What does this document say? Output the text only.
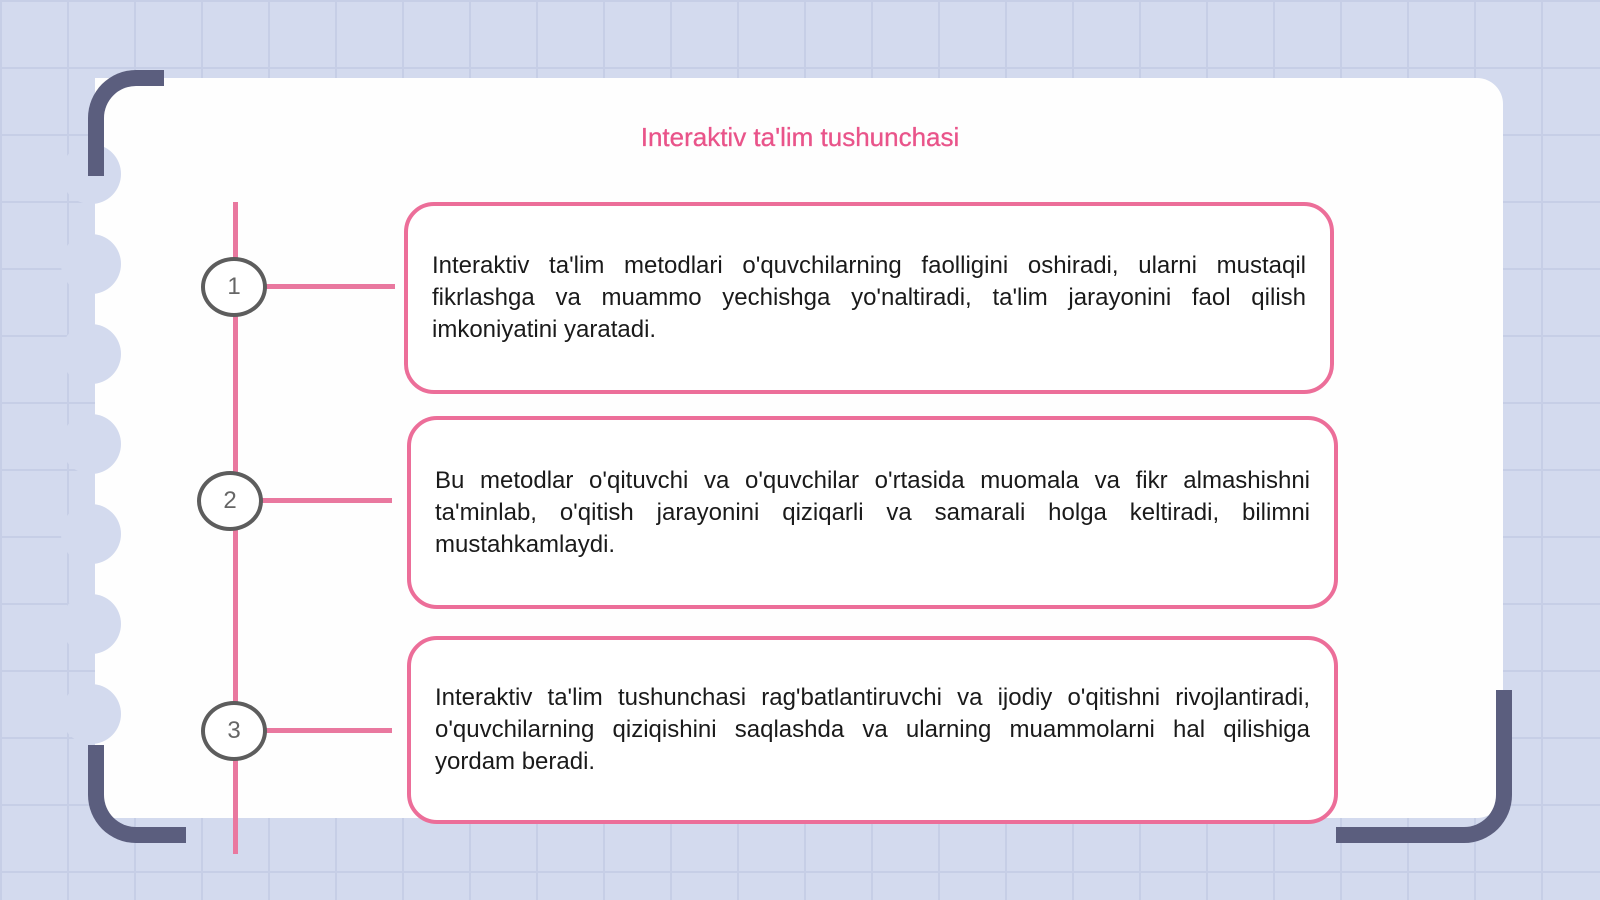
Interaktiv ta'lim tushunchasi
1

Interaktiv ta'lim metodlari o'quvchilarning faolligini oshiradi, ularni mustaqil fikrlashga va muammo yechishga yo'naltiradi, ta'lim jarayonini faol qilish imkoniyatini yaratadi.

2

Bu metodlar o'qituvchi va o'quvchilar o'rtasida muomala va fikr almashishni ta'minlab, o'qitish jarayonini qiziqarli va samarali holga keltiradi, bilimni mustahkamlaydi.

3

Interaktiv ta'lim tushunchasi rag'batlantiruvchi va ijodiy o'qitishni rivojlantiradi, o'quvchilarning qiziqishini saqlashda va ularning muammolarni hal qilishiga yordam beradi.
